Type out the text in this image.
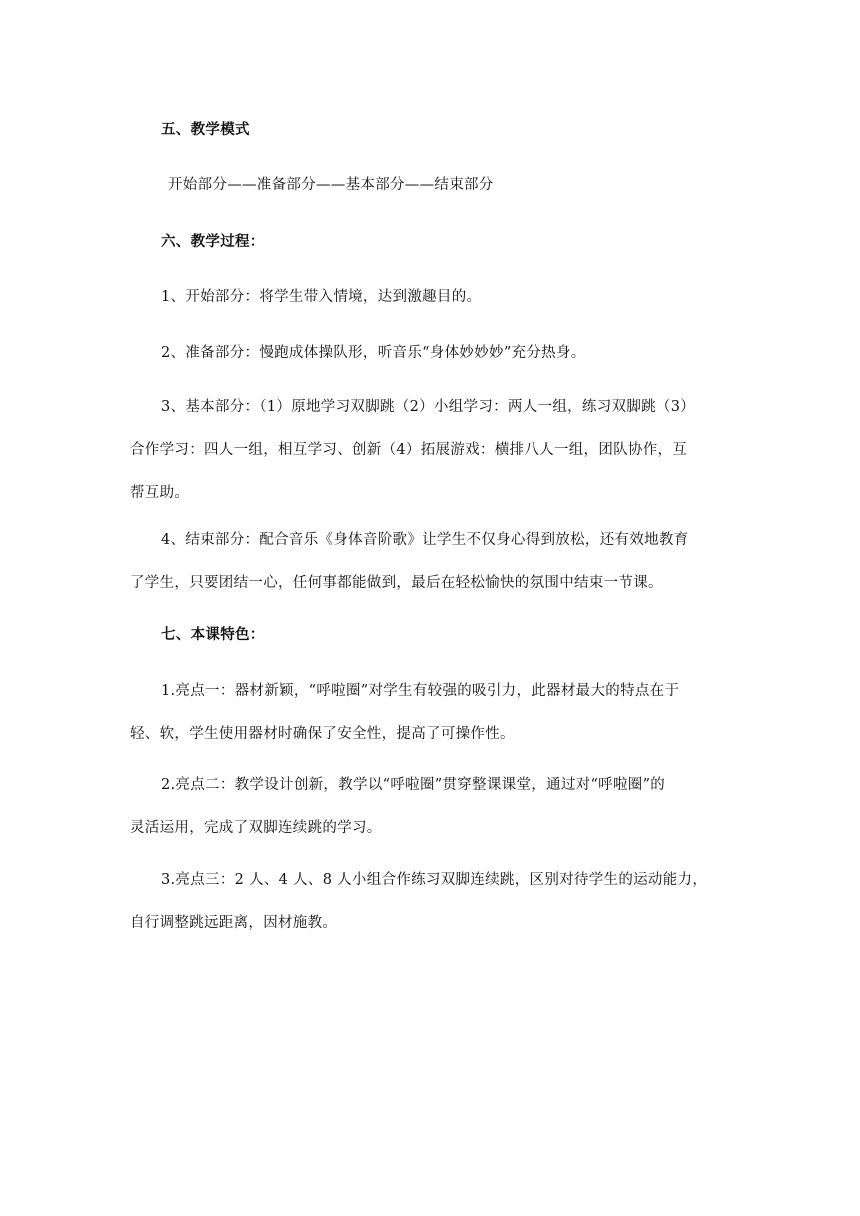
五、教学模式
开始部分——准备部分——基本部分——结束部分
六、教学过程：
1、开始部分：将学生带入情境，达到激趣目的。
2、准备部分：慢跑成体操队形，听音乐“身体妙妙妙”充分热身。
3、基本部分：（1）原地学习双脚跳（2）小组学习：两人一组，练习双脚跳（3）
合作学习：四人一组，相互学习、创新（4）拓展游戏：横排八人一组，团队协作，互
帮互助。
4、结束部分：配合音乐《身体音阶歌》让学生不仅身心得到放松，还有效地教育
了学生，只要团结一心，任何事都能做到，最后在轻松愉快的氛围中结束一节课。
七、本课特色：
1.亮点一：器材新颖，“呼啦圈”对学生有较强的吸引力，此器材最大的特点在于
轻、软，学生使用器材时确保了安全性，提高了可操作性。
2.亮点二：教学设计创新，教学以“呼啦圈”贯穿整课课堂，通过对“呼啦圈”的
灵活运用，完成了双脚连续跳的学习。
3.亮点三：2 人、4 人、8 人小组合作练习双脚连续跳，区别对待学生的运动能力，
自行调整跳远距离，因材施教。
